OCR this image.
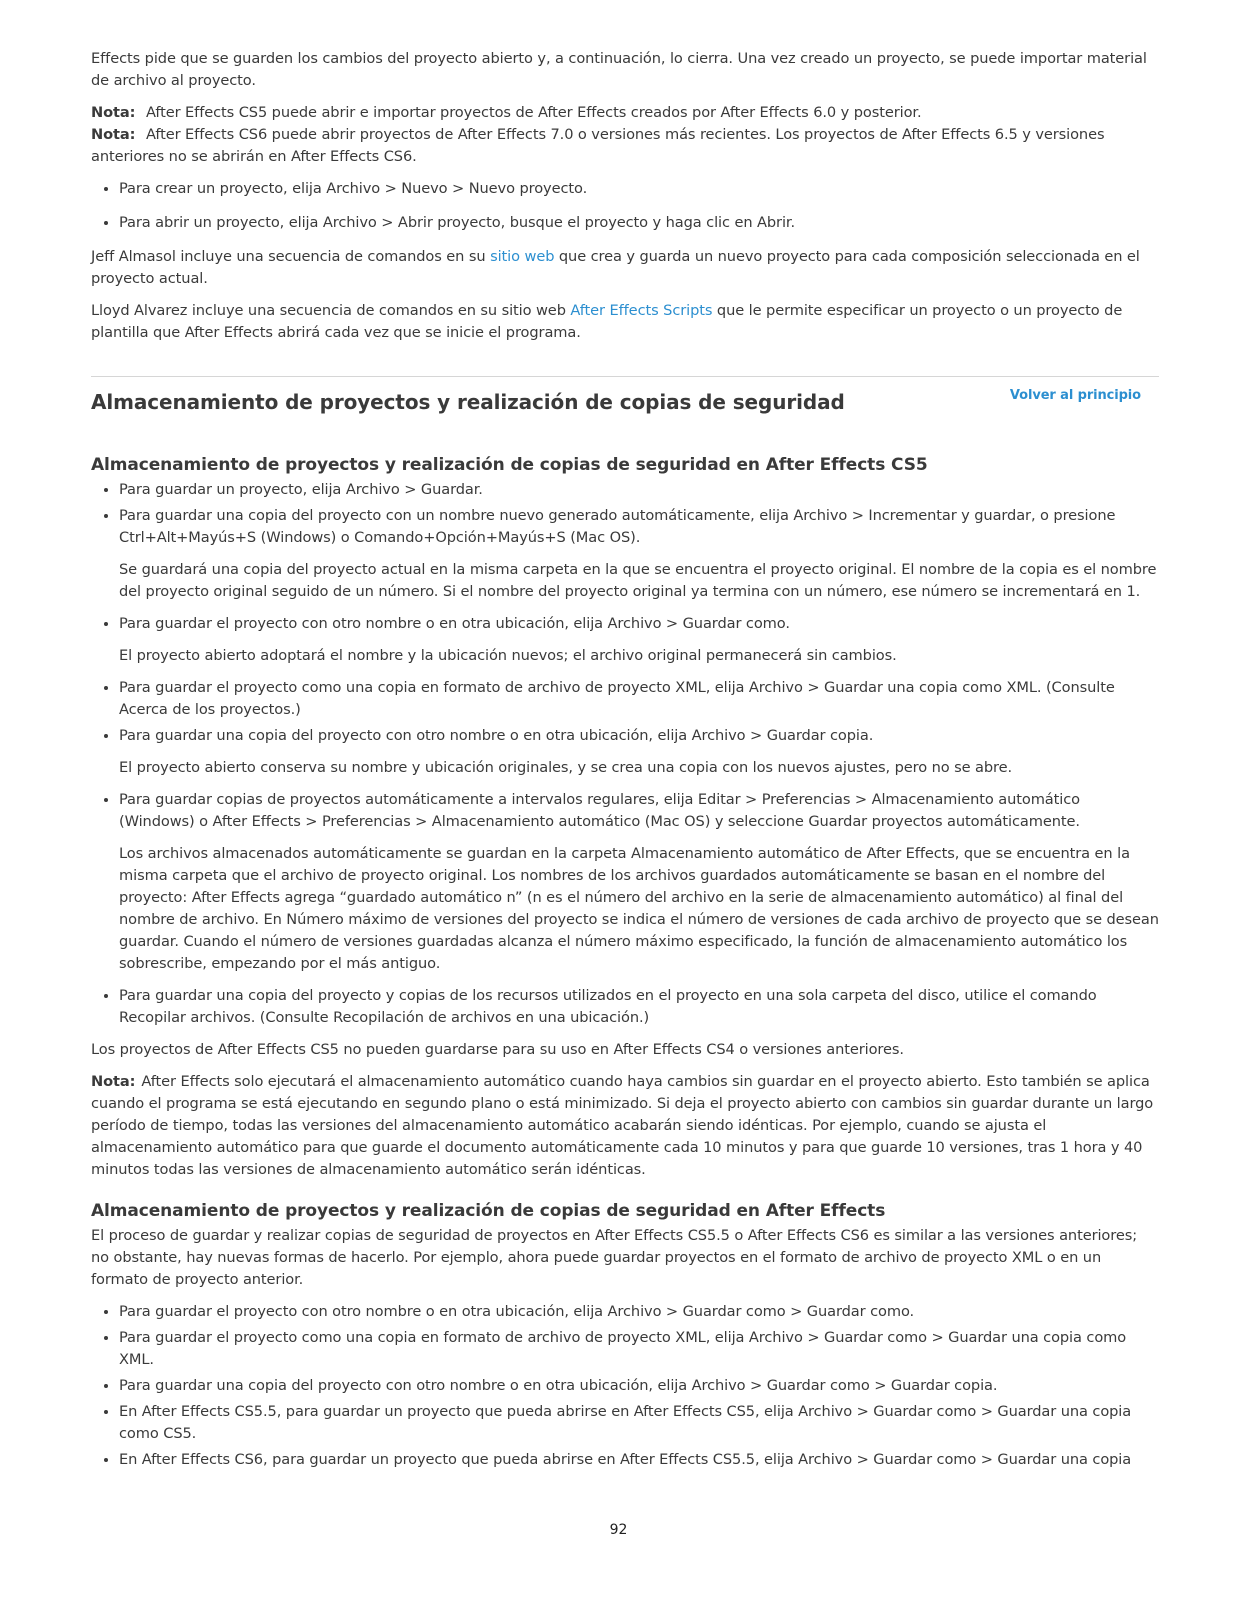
Effects pide que se guarden los cambios del proyecto abierto y, a continuación, lo cierra. Una vez creado un proyecto, se puede importar material de archivo al proyecto.

Nota: After Effects CS5 puede abrir e importar proyectos de After Effects creados por After Effects 6.0 y posterior.
Nota: After Effects CS6 puede abrir proyectos de After Effects 7.0 o versiones más recientes. Los proyectos de After Effects 6.5 y versiones anteriores no se abrirán en After Effects CS6.
• Para crear un proyecto, elija Archivo > Nuevo > Nuevo proyecto.
• Para abrir un proyecto, elija Archivo > Abrir proyecto, busque el proyecto y haga clic en Abrir.

Jeff Almasol incluye una secuencia de comandos en su sitio web que crea y guarda un nuevo proyecto para cada composición seleccionada en el proyecto actual.

Lloyd Alvarez incluye una secuencia de comandos en su sitio web After Effects Scripts que le permite especificar un proyecto o un proyecto de plantilla que After Effects abrirá cada vez que se inicie el programa.

Almacenamiento de proyectos y realización de copias de seguridad	Volver al principio
Almacenamiento de proyectos y realización de copias de seguridad en After Effects CS5
• Para guardar un proyecto, elija Archivo > Guardar.
• Para guardar una copia del proyecto con un nombre nuevo generado automáticamente, elija Archivo > Incrementar y guardar, o presione Ctrl+Alt+Mayús+S (Windows) o Comando+Opción+Mayús+S (Mac OS).

Se guardará una copia del proyecto actual en la misma carpeta en la que se encuentra el proyecto original. El nombre de la copia es el nombre del proyecto original seguido de un número. Si el nombre del proyecto original ya termina con un número, ese número se incrementará en 1.

• Para guardar el proyecto con otro nombre o en otra ubicación, elija Archivo > Guardar como.

El proyecto abierto adoptará el nombre y la ubicación nuevos; el archivo original permanecerá sin cambios.

• Para guardar el proyecto como una copia en formato de archivo de proyecto XML, elija Archivo > Guardar una copia como XML. (Consulte Acerca de los proyectos.)
• Para guardar una copia del proyecto con otro nombre o en otra ubicación, elija Archivo > Guardar copia.

El proyecto abierto conserva su nombre y ubicación originales, y se crea una copia con los nuevos ajustes, pero no se abre.

• Para guardar copias de proyectos automáticamente a intervalos regulares, elija Editar > Preferencias > Almacenamiento automático (Windows) o After Effects > Preferencias > Almacenamiento automático (Mac OS) y seleccione Guardar proyectos automáticamente.

Los archivos almacenados automáticamente se guardan en la carpeta Almacenamiento automático de After Effects, que se encuentra en la misma carpeta que el archivo de proyecto original. Los nombres de los archivos guardados automáticamente se basan en el nombre del proyecto: After Effects agrega “guardado automático n” (n es el número del archivo en la serie de almacenamiento automático) al final del nombre de archivo. En Número máximo de versiones del proyecto se indica el número de versiones de cada archivo de proyecto que se desean guardar. Cuando el número de versiones guardadas alcanza el número máximo especificado, la función de almacenamiento automático los sobrescribe, empezando por el más antiguo.

• Para guardar una copia del proyecto y copias de los recursos utilizados en el proyecto en una sola carpeta del disco, utilice el comando Recopilar archivos. (Consulte Recopilación de archivos en una ubicación.)

Los proyectos de After Effects CS5 no pueden guardarse para su uso en After Effects CS4 o versiones anteriores.

Nota: After Effects solo ejecutará el almacenamiento automático cuando haya cambios sin guardar en el proyecto abierto. Esto también se aplica cuando el programa se está ejecutando en segundo plano o está minimizado. Si deja el proyecto abierto con cambios sin guardar durante un largo período de tiempo, todas las versiones del almacenamiento automático acabarán siendo idénticas. Por ejemplo, cuando se ajusta el almacenamiento automático para que guarde el documento automáticamente cada 10 minutos y para que guarde 10 versiones, tras 1 hora y 40 minutos todas las versiones de almacenamiento automático serán idénticas.

Almacenamiento de proyectos y realización de copias de seguridad en After Effects

El proceso de guardar y realizar copias de seguridad de proyectos en After Effects CS5.5 o After Effects CS6 es similar a las versiones anteriores; no obstante, hay nuevas formas de hacerlo. Por ejemplo, ahora puede guardar proyectos en el formato de archivo de proyecto XML o en un formato de proyecto anterior.

• Para guardar el proyecto con otro nombre o en otra ubicación, elija Archivo > Guardar como > Guardar como.
• Para guardar el proyecto como una copia en formato de archivo de proyecto XML, elija Archivo > Guardar como > Guardar una copia como XML.
• Para guardar una copia del proyecto con otro nombre o en otra ubicación, elija Archivo > Guardar como > Guardar copia.
• En After Effects CS5.5, para guardar un proyecto que pueda abrirse en After Effects CS5, elija Archivo > Guardar como > Guardar una copia como CS5.
• En After Effects CS6, para guardar un proyecto que pueda abrirse en After Effects CS5.5, elija Archivo > Guardar como > Guardar una copia
92
